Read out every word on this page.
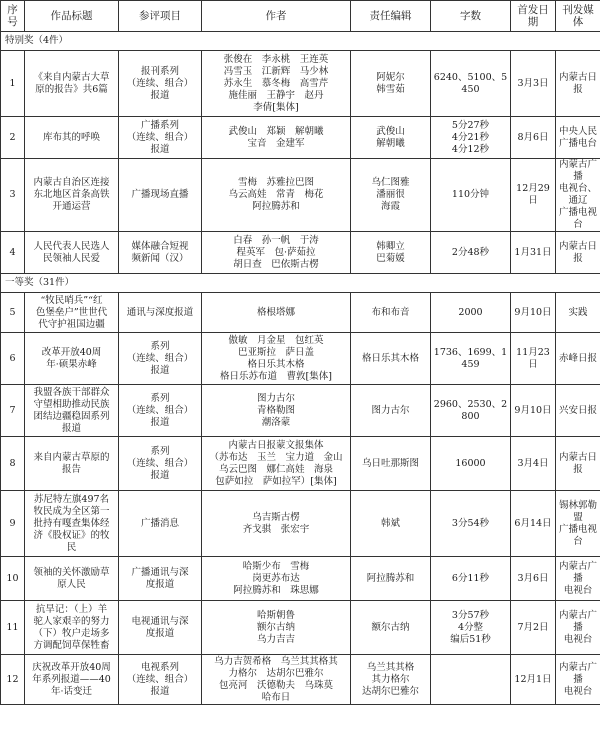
序号	作品标题	参评项目	作者	责任编辑	字数	首发日期	刊发媒体
特别奖（4件）							
1	《来自内蒙古大草
原的报告》共6篇	报刊系列
（连续、组合）
报道	张俊在　李永桃　王连英
冯雪玉　江新辉　马少林
苏永生　慕冬梅　高雪芹
施佳丽　王静宇　赵丹
李倩[集体]	阿妮尔
韩雪茹	6240、5100、5450	3月3日	内蒙古日报
2	库布其的呼唤	广播系列
（连续、组合）
报道	武俊山　郑颖　解朝曦
宝音　金建军	武俊山
解朝曦	5分27秒
4分21秒
4分12秒	8月6日	中央人民
广播电台
3	内蒙古自治区连接
东北地区首条高铁
开通运营	广播现场直播	雪梅　苏雅拉巴图
乌云高娃　常青　梅花
阿拉腾苏和	乌仁图雅
潘丽很
海霞	110分钟	12月29日	内蒙古广播
电视台、通辽
广播电视台
4	人民代表人民选人
民领袖人民爱	媒体融合短视
频新闻（汉）	白春　孙一帆　于涛
程英军　包·萨茹拉
胡日查　巴依斯古楞	韩卿立
巴菊媛	2分48秒	1月31日	内蒙古日报
一等奖（31件）							
5	“牧民哨兵”“红
色堡垒户”世世代
代守护祖国边疆	通讯与深度报道	格根塔娜	布和布音	2000	9月10日	实践
6	改革开放40周
年·硕果赤峰	系列
（连续、组合）
报道	傲敏　月金星　包红英
巴亚斯拉　萨日盖
格日乐其木格
格日乐苏布道　曹敦[集体]	格日乐其木格	1736、1699、1459	11月23日	赤峰日报
7	我盟各族干部群众
守望相助推动民族
团结边疆稳固系列
报道	系列
（连续、组合）
报道	图力古尔
青格勒图
潮洛蒙	图力古尔	2960、2530、2800	9月10日	兴安日报
8	来自内蒙古草原的
报告	系列
（连续、组合）
报道	内蒙古日报蒙文报集体
（苏布达　玉兰　宝力道　金山
乌云巴图　娜仁高娃　海泉
包萨如拉　萨如拉罕）[集体]	乌日吐那斯图	16000	3月4日	内蒙古日报
9	苏尼特左旗497名
牧民成为全区第一
批持有嘎查集体经
济《股权证》的牧
民	广播消息	乌吉斯古楞
齐戈骐　张宏宇	韩斌	3分54秒	6月14日	锡林郭勒盟
广播电视台
10	领袖的关怀激励草
原人民	广播通讯与深
度报道	哈斯少布　雪梅
岗更苏布达
阿拉腾苏和　珠思娜	阿拉腾苏和	6分11秒	3月6日	内蒙古广播
电视台
11	抗旱记：（上）羊
驼人家艰辛的努力
（下）牧户走场多
方调配饲草保牲畜	电视通讯与深
度报道	哈斯朝鲁
额尔古纳
乌力吉吉	额尔古纳	3分57秒
4分整
编后51秒	7月2日	内蒙古广播
电视台
12	庆祝改革开放40周
年系列报道——40
年·话变迁	电视系列
（连续、组合）
报道	乌力吉贺希格　乌兰其其格其
力格尔　达胡尔巴雅尔
包亮河　沃德勒夫　乌珠莫
哈布日	乌兰其其格
其力格尔
达胡尔巴雅尔		12月1日	内蒙古广播
电视台
